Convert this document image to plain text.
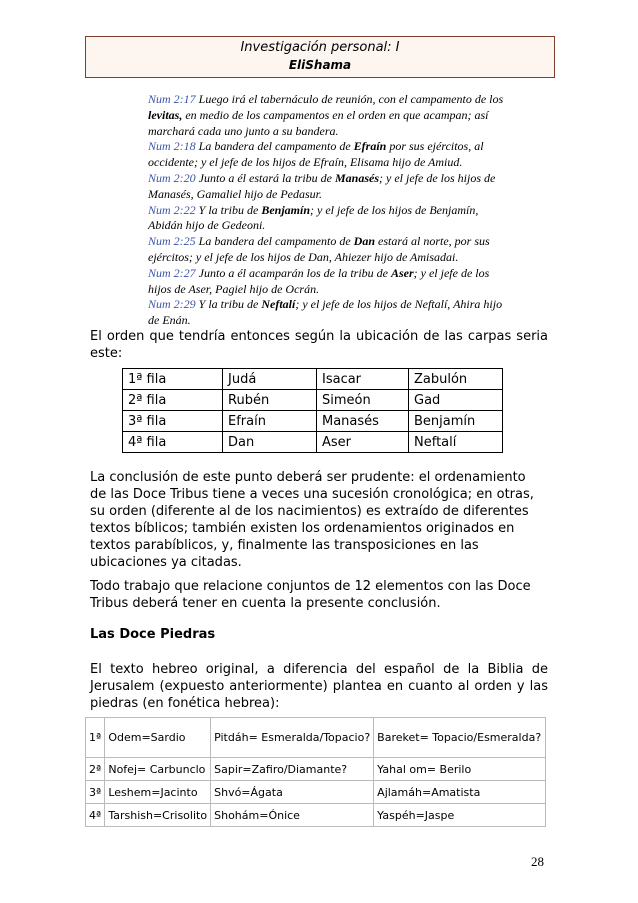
Investigación personal: I
EliShama
Num 2:17 Luego irá el tabernáculo de reunión, con el campamento de los
levitas, en medio de los campamentos en el orden en que acampan; así
marchará cada uno junto a su bandera.
Num 2:18 La bandera del campamento de Efraín por sus ejércitos, al
occidente; y el jefe de los hijos de Efraín, Elisama hijo de Amiud.
Num 2:20 Junto a él estará la tribu de Manasés; y el jefe de los hijos de
Manasés, Gamaliel hijo de Pedasur.
Num 2:22 Y la tribu de Benjamín; y el jefe de los hijos de Benjamín,
Abidán hijo de Gedeoni.
Num 2:25 La bandera del campamento de Dan estará al norte, por sus
ejércitos; y el jefe de los hijos de Dan, Ahiezer hijo de Amisadai.
Num 2:27 Junto a él acamparán los de la tribu de Aser; y el jefe de los
hijos de Aser, Pagiel hijo de Ocrán.
Num 2:29 Y la tribu de Neftalí; y el jefe de los hijos de Neftalí, Ahira hijo
de Enán.
El orden que tendría entonces según la ubicación de las carpas seria
este:
1ª fila	Judá	Isacar	Zabulón
2ª fila	Rubén	Simeón	Gad
3ª fila	Efraín	Manasés	Benjamín
4ª fila	Dan	Aser	Neftalí
La conclusión de este punto deberá ser prudente: el ordenamiento
de las Doce Tribus tiene a veces una sucesión cronológica; en otras,
su orden (diferente al de los nacimientos) es extraído de diferentes
textos bíblicos; también existen los ordenamientos originados en
textos parabíblicos, y, finalmente las transposiciones en las
ubicaciones ya citadas.
Todo trabajo que relacione conjuntos de 12 elementos con las Doce
Tribus deberá tener en cuenta la presente conclusión.
Las Doce Piedras
El texto hebreo original, a diferencia del español de la Biblia de
Jerusalem (expuesto anteriormente) plantea en cuanto al orden y las
piedras (en fonética hebrea):
1ª	Odem=Sardio	Pitdáh= Esmeralda/Topacio?	Bareket= Topacio/Esmeralda?
2ª	Nofej= Carbunclo	Sapir=Zafiro/Diamante?	Yahal om= Berilo
3ª	Leshem=Jacinto	Shvó=Ágata	Ajlamáh=Amatista
4ª	Tarshish=Crisolito	Shohám=Ónice	Yaspéh=Jaspe
28
